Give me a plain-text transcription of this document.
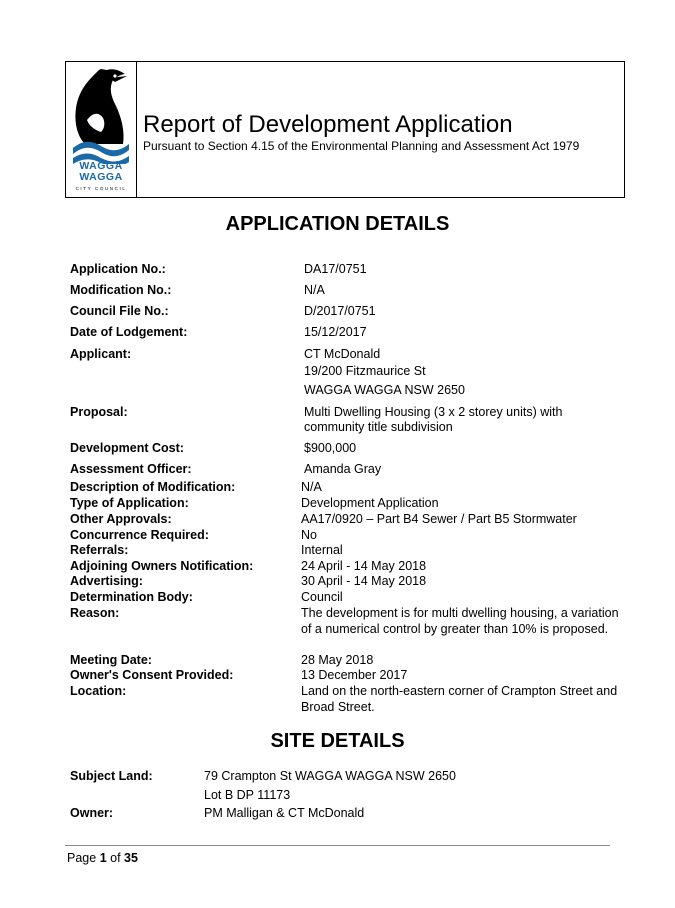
WAGGA
WAGGA
CITY COUNCIL
Report of Development Application
Pursuant to Section 4.15 of the Environmental Planning and Assessment Act 1979
APPLICATION DETAILS
Application No.:	DA17/0751
Modification No.:	N/A
Council File No.:	D/2017/0751
Date of Lodgement:	15/12/2017
Applicant:	CT McDonald
19/200 Fitzmaurice St
WAGGA WAGGA NSW 2650
Proposal:	Multi Dwelling Housing (3 x 2 storey units) with
community title subdivision
Development Cost:	$900,000
Assessment Officer:	Amanda Gray
Description of Modification:	N/A
Type of Application:	Development Application
Other Approvals:	AA17/0920 – Part B4 Sewer / Part B5 Stormwater
Concurrence Required:	No
Referrals:	Internal
Adjoining Owners Notification:	24 April - 14 May 2018
Advertising:	30 April - 14 May 2018
Determination Body:	Council
Reason:	The development is for multi dwelling housing, a variation
of a numerical control by greater than 10% is proposed.
Meeting Date:	28 May 2018
Owner's Consent Provided:	13 December 2017
Location:	Land on the north-eastern corner of Crampton Street and
Broad Street.
SITE DETAILS
Subject Land:	79 Crampton St WAGGA WAGGA NSW 2650
Lot B DP 11173
Owner:	PM Malligan & CT McDonald
Page 1 of 35
